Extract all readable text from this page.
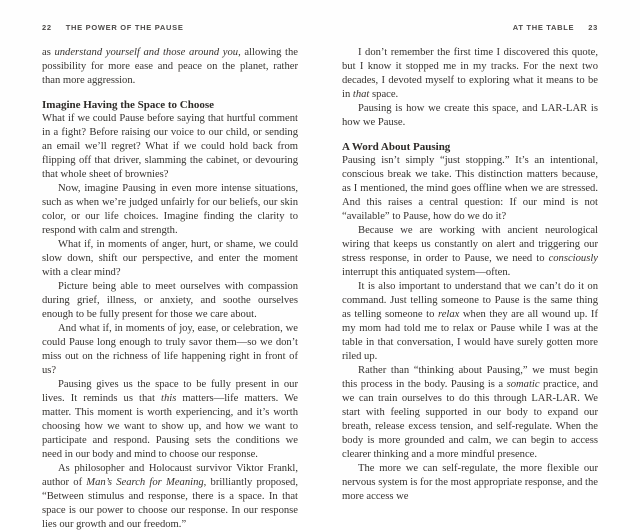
22 THE POWER OF THE PAUSE

as understand yourself and those around you, allowing the possibility for more ease and peace on the planet, rather than more aggression.

Imagine Having the Space to Choose

What if we could Pause before saying that hurtful comment in a fight? Before raising our voice to our child, or sending an email we’ll regret? What if we could hold back from flipping off that driver, slamming the cabinet, or devouring that whole sheet of brownies?

Now, imagine Pausing in even more intense situations, such as when we’re judged unfairly for our beliefs, our skin color, or our life choices. Imagine finding the clarity to respond with calm and strength.

What if, in moments of anger, hurt, or shame, we could slow down, shift our perspective, and enter the moment with a clear mind?

Picture being able to meet ourselves with compassion during grief, illness, or anxiety, and soothe ourselves enough to be fully present for those we care about.

And what if, in moments of joy, ease, or celebration, we could Pause long enough to truly savor them—so we don’t miss out on the richness of life happening right in front of us?

Pausing gives us the space to be fully present in our lives. It reminds us that this matters—life matters. We matter. This moment is worth experiencing, and it’s worth choosing how we want to show up, and how we want to participate and respond. Pausing sets the conditions we need in our body and mind to choose our response.

As philosopher and Holocaust survivor Viktor Frankl, author of Man’s Search for Meaning, brilliantly proposed, “Between stimulus and response, there is a space. In that space is our power to choose our response. In our response lies our growth and our freedom.”

AT THE TABLE 23

I don’t remember the first time I discovered this quote, but I know it stopped me in my tracks. For the next two decades, I devoted myself to exploring what it means to be in that space.

Pausing is how we create this space, and LAR-LAR is how we Pause.

A Word About Pausing

Pausing isn’t simply “just stopping.” It’s an intentional, conscious break we take. This distinction matters because, as I mentioned, the mind goes offline when we are stressed. And this raises a central question: If our mind is not “available” to Pause, how do we do it?

Because we are working with ancient neurological wiring that keeps us constantly on alert and triggering our stress response, in order to Pause, we need to consciously interrupt this antiquated system—often.

It is also important to understand that we can’t do it on command. Just telling someone to Pause is the same thing as telling someone to relax when they are all wound up. If my mom had told me to relax or Pause while I was at the table in that conversation, I would have surely gotten more riled up.

Rather than “thinking about Pausing,” we must begin this process in the body. Pausing is a somatic practice, and we can train ourselves to do this through LAR-LAR. We start with feeling supported in our body to expand our breath, release excess tension, and self-regulate. When the body is more grounded and calm, we can begin to access clearer thinking and a more mindful presence.

The more we can self-regulate, the more flexible our nervous system is for the most appropriate response, and the more access we
